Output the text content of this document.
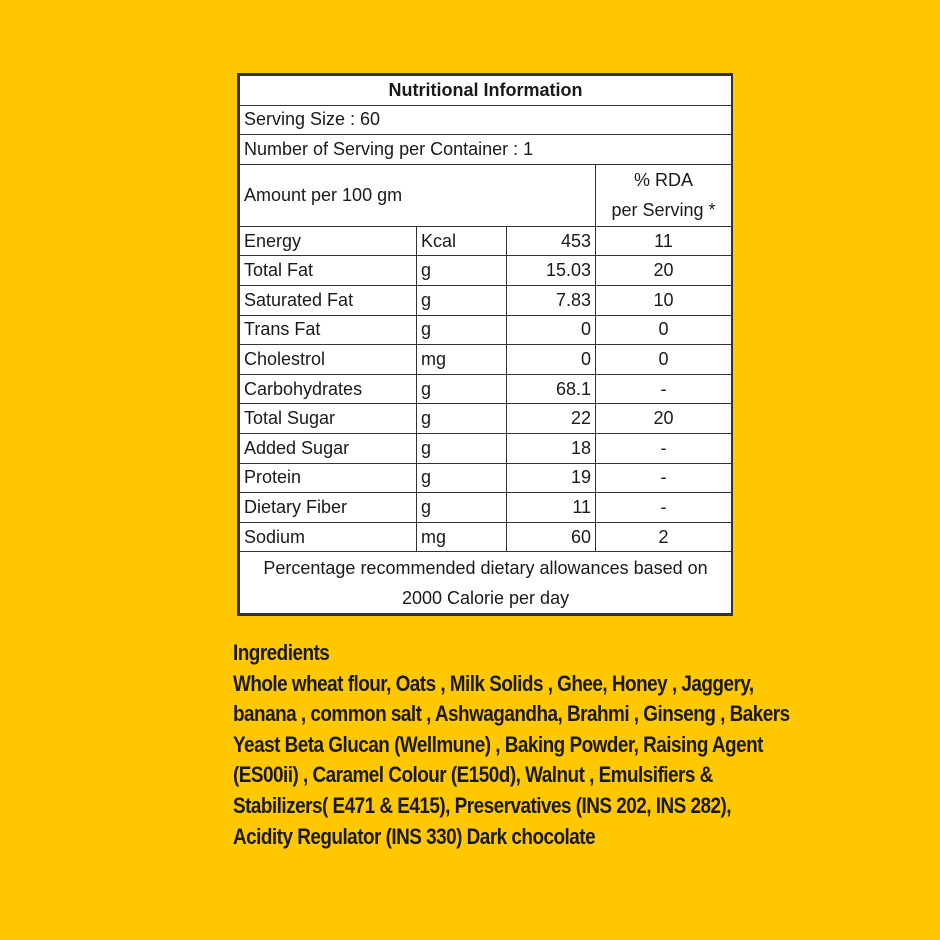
Nutritional Information			
Serving Size : 60			
Number of Serving per Container : 1			
Amount per 100 gm			% RDA
per Serving *
Energy	Kcal	453	11
Total Fat	g	15.03	20
Saturated Fat	g	7.83	10
Trans Fat	g	0	0
Cholestrol	mg	0	0
Carbohydrates	g	68.1	-
Total Sugar	g	22	20
Added Sugar	g	18	-
Protein	g	19	-
Dietary Fiber	g	11	-
Sodium	mg	60	2
Percentage recommended dietary allowances based on
2000 Calorie per day			
Ingredients
Whole wheat flour, Oats , Milk Solids , Ghee, Honey , Jaggery,
banana , common salt , Ashwagandha, Brahmi , Ginseng , Bakers
Yeast Beta Glucan (Wellmune) , Baking Powder, Raising Agent
(ES00ii) , Caramel Colour (E150d), Walnut , Emulsifiers &
Stabilizers( E471 & E415), Preservatives (INS 202, INS 282),
Acidity Regulator (INS 330) Dark chocolate
